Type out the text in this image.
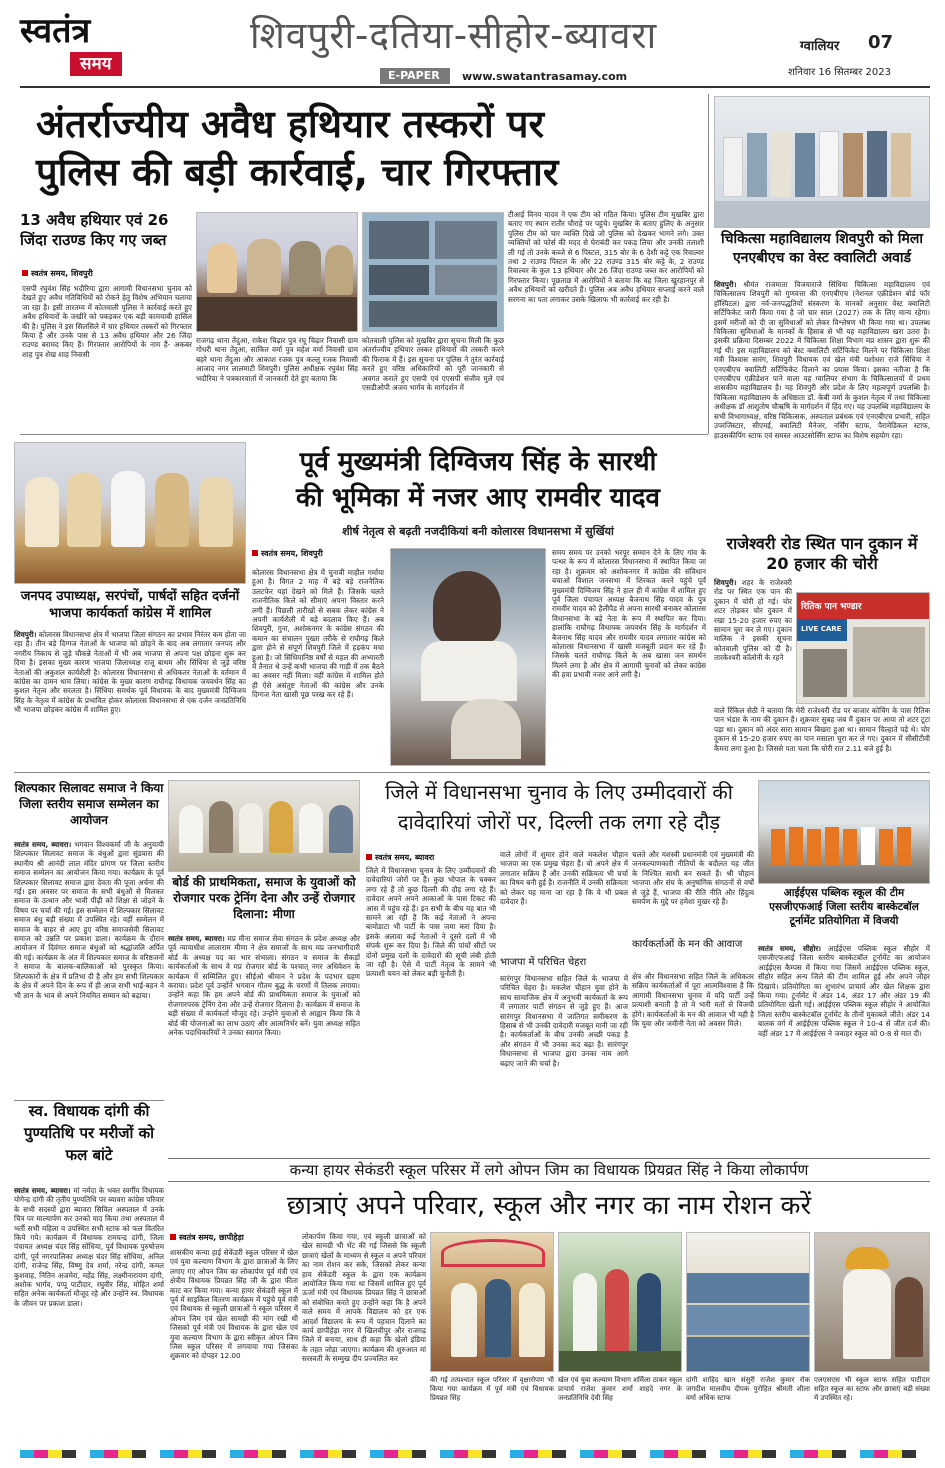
स्वतंत्र
समय
शिवपुरी-दतिया-सीहोर-ब्यावरा
E-PAPER www.swatantrasamay.com
ग्वालियर 07
शनिवार 16 सितम्बर 2023
अंतर्राज्यीय अवैध हथियार तस्करों पर
पुलिस की बड़ी कार्रवाई, चार गिरफ्तार
13 अवैध हथियार एवं 26 जिंदा राउण्ड किए गए जब्त
स्वतंत्र समय, शिवपुरी
एसपी रघुवंश सिंह भदौरिया द्वारा आगामी विधानसभा चुनाव को देखते हुए अवैध गतिविधियों को रोकने हेतु विशेष अभियान चलाया जा रहा है। इसी तारतम्य में कोतवाली पुलिस ने कार्रवाई करते हुए अवैध हथियारों के जखीरे को पकड़कर एक बड़ी कामयाबी हासिल की है। पुलिस ने इस सिलसिले में चार हथियार तस्करों को गिरफ्तार किया है और उनके पास से 13 अवैध हथियार और 26 जिंदा राउण्ड बरामद किए हैं। गिरफ्तार आरोपियों के नाम हैं- अकबर शाह पुत्र शेख शाह निवासी
राजगढ़ थाना तेंदुआ, राकेश चिढ़ार पुत्र रघू चिढ़ार निवासी ग्राम गोधरी थाना तेंदुआ, साकित वर्मा पुत्र महेश वर्मा निवासी ग्राम बहरे थाना तेंदुआ और आकाश रजक पुत्र कल्लू रजक निवासी आजाद नगर लालमाटी शिवपुरी। पुलिस अधीक्षक रघुवंश सिंह भदौरिया ने पत्रकारवार्ता में जानकारी देते हुए बताया कि
कोतवाली पुलिस को मुखबिर द्वारा सूचना मिली कि कुछ अंतर्राज्यीय हथियार तस्कर हथियारों की तस्करी करने की फिराक में हैं। इस सूचना पर पुलिस ने तुरंत कार्रवाई करते हुए वरिष्ठ अधिकारियों को पूरी जानकारी से अवगत कराते हुए एसपी एवं एएसपी संजीव मुले एवं एसडीओपी अजय भार्गव के मार्गदर्शन में
टीआई विनय यादव ने एक टीम को गठित किया। पुलिस टीम मुखबिर द्वारा बताए गए स्थान रातौर चौराहे पर पहुंचे। मुखबिर के बताए हुलिए के अनुसार पुलिस टीम को चार व्यक्ति दिखे जो पुलिस को देखकर भागने लगे। उक्त व्यक्तियों को फोर्स की मदद से घेराबंदी कर पकड़ लिया और उनकी तलाशी ली गई तो उनके कब्जे से 6 पिस्टल, 315 बोर के 6 देशी कट्टे एक रिवाल्वर तथा 2 राउण्ड पिस्टल के और 22 राउण्ड 315 बोर कट्टे के, 2 राउण्ड रिवाल्वर के कुल 13 हथियार और 26 जिंदा राउण्ड जब्त कर आरोपियों को गिरफ्तार किया। पूछताछ में आरोपियों ने बताया कि वह जिला खुरहानपुर से अवैध हथियारों को खरीदते हैं। पुलिस अब अवैध हथियार सप्लाई करने वाले सरगना का पता लगाकर उसके खिलाफ भी कार्रवाई कर रही है।
चिकित्सा महाविद्यालय शिवपुरी को मिला एनएबीएच का वेस्ट क्वालिटी अवार्ड
शिवपुरी। श्रीमंत राजमाता विजयाराजे सिंधिया चिकित्सा महाविद्यालय एवं चिकित्सालय शिवपुरी को गुणवत्ता की एनएबीएच (नेशनल एक्रीडेशन बोर्ड फॉर हॉस्पिटल) द्वारा नर्व-जनपद्धतियों संस्करण के मानकों अनुसार वेस्ट क्वालिटी सर्टिफिकेट जारी किया गया है जो चार साल (2027) तक के लिए मान्य रहेगा। इसमें मरीजों को दी जा सुविधाओं को लेकर विश्लेषण भी किया गया था। उपलब्ध चिकित्सा सुविधाओं के मानकों के हिसाब से भी यह महाविद्यालय खरा उतरा है। इसकी प्रक्रिया दिसम्बर 2022 में चिकित्सा शिक्षा विभाग मप्र शासन द्वारा शुरू की गई थी। इस महाविद्यालय को बेस्ट क्वालिटी सर्टिफिकेट मिलने पर चिकित्सा शिक्षा मंत्री विश्वास सारंग, शिवपुरी विधायक एवं खेल मंत्री यशोधरा राजे सिंधिया ने एनएबीएच क्वालिटी सर्टिफिकेट दिलाने का प्रयास किया। इसका नतीजा है कि एनएबीएच एक्रीडेशन पाने वाला यह ग्वालियर संभाग के चिकित्सालयों में प्रथम शासकीय महाविद्यालय है। यह शिवपुरी और प्रदेश के लिए महत्वपूर्ण उपलब्धि है। चिकित्सा महाविद्यालय के अधिष्ठाता डॉ. केबी वर्मा के कुशल नेतृत्व में तथा चिकित्सा अधीक्षक डॉ आशुतोष चौऋषि के मार्गदर्शन में हिंद गए। यह उपलब्धि महाविद्यालय के सभी विभागाध्यक्ष, वरिष्ठ चिकित्सक, अस्पताल प्रबंधक एवं एनएबीएच प्रभारी, सहित उपरजिस्टार, सीएमई, क्वालिटी मैनेजर, नर्सिंग स्टाफ, पैरामेडिकल स्टाफ, हाउसकीपिंग स्टाफ एवं समस्त आउटसोर्सिंग स्टाफ का विशेष सहयोग रहा।
जनपद उपाध्यक्ष, सरपंचों, पार्षदों सहित दर्जनों भाजपा कार्यकर्ता कांग्रेस में शामिल
शिवपुरी। कोलारस विधानसभा क्षेत्र में भाजपा जिला संगठन का प्रभाव निरंतर कम होता जा रहा है। तीन बड़े दिग्गज नेताओं के भाजपा को छोड़ने के बाद अब लगातार जनपद और नगरीय निकाय से जुड़े चौकन्ने नेताओं में भी अब भाजपा से अपना पक्ष छोड़ना शुरू कर दिया है। इसका मुख्य कारण भाजपा जिलाध्यक्ष राजू बाथम और सिंधिया से जुड़े वरिष्ठ नेताओं की अकुशल कार्यशैली है। कोलारस विधानसभा से अधिकतर नेताओं के वर्तमान में कांग्रेस का दामन थाम लिया। कांग्रेस के मुख्य कारण राघौगढ़ विधायक जयवर्धन सिंह का कुशल नेतृत्व और सरलता है। सिंधिया समर्थक पूर्व विधायक के बाद मुख्यमंत्री दिग्विजय सिंह के नेतृत्व में कांग्रेस के प्रभावित होकर कोलारस विधानसभा से एक दर्जन जनप्रतिनिधि भी भाजपा छोड़कर कांग्रेस में शामिल हुए।
पूर्व मुख्यमंत्री दिग्विजय सिंह के सारथी
की भूमिका में नजर आए रामवीर यादव
शीर्ष नेतृत्व से बढ़ती नजदीकियां बनी कोलारस विधानसभा में सुर्खियां
स्वतंत्र समय, शिवपुरी
कोलारस विधानसभा क्षेत्र में चुनावी माहौल गर्माया हुआ है। विगत 2 माह में बड़े बड़े राजनैतिक उलटफेर यहां देखने को मिले हैं। जिसके चलते राजनीतिक किले को सीमाएं अपना विस्तार करने लगी हैं। पिछली तारीखों से सबक लेकर कांग्रेस ने अपनी कार्यशैली में बड़े बदलाव किए हैं। अब शिवपुरी, गुना, अशोकनगर के कांग्रेस संगठन की कमान का संचालन पुख्ता तरीके से राघौगढ़ किले द्वारा होने से संपूर्ण शिवपुरी जिले में हड़कंप मचा हुआ है। जो सिंधियानिष्ठ वर्षों से महल की अभ्यारती में तैनात थे उन्हें कभी भाजपा की गाड़ी में तक बैठने का अवसर नहीं मिला। वहीं कांग्रेस में शामिल होते ही ऐसे असंतुष्ट नेताओं की कांग्रेस और उनके दिग्गज नेता खासी पूछ परख कर रहे हैं।
समय समय पर उनको भरपूर सम्मान देने के लिए गांव के पत्थर के रूप में कोलारस विधानसभा में स्थापित किया जा रहा है। शुक्रवार को अशोकनगर में कांग्रेस की संविधान बचाओ विशाल जनसभा में शिरकत करने पहुंचे पूर्व मुख्यमंत्री दिग्विजय सिंह ने हाल ही में कांग्रेस में शामिल हुए पूर्व जिला पंचायत अध्यक्ष बैजनाथ सिंह यादव के पुत्र रामवीर यादव को हैलीपैड से अपना सारथी बनाकर कोलारस विधानसभा के बड़े नेता के रूप में स्थापित कर दिया। हालांकि राघौगढ़ विधायक जयवर्धन सिंह के मार्गदर्शन में बैजनाथ सिंह यादव और रामवीर यादव लगातार कांग्रेस को कोलारस विधानसभा में खासी मजबूती प्रदान कर रहे हैं। जिसके चलते राघौगढ़ किले के अब खासा जन समर्थन मिलने लगा है और क्षेत्र में आगामी चुनावों को लेकर कांग्रेस की हवा प्रभावी नजर आने लगी है।
राजेश्वरी रोड स्थित पान दुकान में 20 हजार की चोरी
शिवपुरी। शहर के राजेश्वरी रोड पर स्थित एक पान की दुकान में चोरी हो गई। चोर शटर तोड़कर चोर दुकान में रखा 15-20 हजार रुपए का सामान चुरा कर ले गए। दुकान मालिक ने इसकी सूचना कोतवाली पुलिस को दी है। तारकेश्वरी कॉलोनी के रहने
रितिक पान भण्डार
LIVE CARE
वाले रिंकिल सेठी ने बताया कि मेरी राजेश्वरी रोड पर बाजार कोचिंग के पास रितिक पान भंडार के नाम की दुकान है। शुक्रवार सुबह जब मैं दुकान पर आया तो शटर टूटा पड़ा था। दुकान को अंदर सारा सामान बिखरा हुआ था। सामान चिल्हाते पड़े थे। चोर दुकान से 15-20 हजार रुपए का पान मसाला चुरा कर ले गए। दुकान में सीसीटीवी कैमरा लगा हुआ है। जिससे पता चला कि चोरी रात 2.11 बजे हुई है।
शिल्पकार सिलावट समाज ने किया जिला स्तरीय समाज सम्मेलन का आयोजन
स्वतंत्र समय, ब्यावरा। भगवान विश्वकर्मा जी के अनुयायी शिल्पकार सिलावट समाज के बंधुओं द्वारा सुंडवारा की स्थानीय श्री आनंदी लाल मंदिर प्रांगण पर जिला स्तरीय समाज सम्मेलन का आयोजन किया गया। कार्यक्रम के पूर्व शिल्पकार सिलावट समाज द्वारा देवता की पूजा अर्चना की गई। इस अवसर पर समाज के सभी बंधुओं से मिलकर समाज के उत्थान और भावी पीढ़ी को शिक्षा से जोड़ने के विषय पर चर्चा की गई। इस सम्मेलन में शिल्पकार सिलावट समाज बंधु बड़ी संख्या में उपस्थित रहे। वहीं सम्मेलन में समाज के बाहर से आए हुए वरिष्ठ समाजसेवी सिलावट समाज को उन्नति पर प्रकाश डाला। कार्यक्रम के दौरान आयोजन में दिवंगत समाज बंधुओं को श्रद्धांजलि अर्पित की गई। कार्यक्रम के अंत में शिल्पकार समाज के वरिष्ठजनों ने समाज के बालक-बालिकाओं को पुरस्कृत किया। शिल्पकारों के क्षेत्र में प्रतिभा दी है और हम सभी शिल्पकार के क्षेत्र में अपने दिन के रूप में ही आज सभी भाई-बहन ने भी ज्ञान के भाव से अपने नियमित सम्मान को बढ़ाया।
बोर्ड की प्राथमिकता, समाज के युवाओं को रोजगार परक ट्रेनिंग देना और उन्हें रोजगार दिलाना: मीणा
स्वतंत्र समय, ब्यावरा। मप्र मीना समाज सेवा संगठन के प्रदेश अध्यक्ष और पूर्व न्यायाधीश लालाराम मीणा ने क्षेत्र समाजों के साथ मप्र जनभागीदारी बोर्ड के अध्यक्ष पद का भार संभाला। संगठन व समाज के सैकड़ों कार्यकर्ताओं के साथ वे मप्र रोजगार बोर्ड के पश्चात् नगर अधिवेशन के कार्यक्रम में सम्मिलित हुए। सीईओ श्रीमान ने प्रदेश के पदभार ग्रहण कराया। प्रदेश पूर्व उन्होंने भगवान गौतम बुद्ध के चरणों में तिलक लगाया। उन्होंने कहा कि हम अपने बोर्ड की प्राथमिकता समाज के युवाओं को रोजगारपरक ट्रेनिंग देना और उन्हें रोजगार दिलाना है। कार्यक्रम में समाज के बड़ी संख्या में कार्यकर्ता मौजूद रहे। उन्होंने युवाओं से आह्वान किया कि वे बोर्ड की योजनाओं का लाभ उठाएं और आत्मनिर्भर बनें। युवा अध्यक्ष सहित अनेक पदाधिकारियों ने उनका स्वागत किया।
जिले में विधानसभा चुनाव के लिए उम्मीदवारों की
दावेदारियां जोरों पर, दिल्ली तक लगा रहे दौड़
स्वतंत्र समय, ब्यावरा
जिले में विधानसभा चुनाव के लिए उम्मीदवारों की दावेदारियां जोरों पर हैं। कुछ भोपाल के चक्कर लगा रहे हैं तो कुछ दिल्ली की दौड़ लगा रहे हैं। दावेदार अपने अपने आकाओं के पास टिकट की आस में पहुंच रहे हैं। इन सभी के बीच यह बात भी सामने आ रही है कि कई नेताओं ने अपना बायोडाटा भी पार्टी के पास जमा करा दिया है। इसके अलावा कई नेताओं ने दूसरे दलों में भी संपर्क शुरू कर दिया है। जिले की पांचों सीटों पर दोनों प्रमुख दलों के दावेदारों की सूची लंबी होती जा रही है। ऐसे में पार्टी नेतृत्व के सामने भी प्रत्याशी चयन को लेकर बड़ी चुनौती है।
वाले लोगों में शुमार होने वाले मकलेश चौहान भाजपा का एक प्रमुख चेहरा हैं। वो अपने क्षेत्र में लगातार सक्रिय हैं और उनकी सक्रियता भी चर्चा का विषय बनी हुई है। राजनीति में उनकी सक्रियता को लेकर यह माना जा रहा है कि वे भी प्रबल दावेदार हैं।
भाजपा में परिचित चेहरा
सारंगपुर विधानसभा सहित जिले के भाजपा में परिचित चेहरा है। मकलेश चौहान युवा होने के साथ सामाजिक क्षेत्र में अनुभवी कार्यकर्ता के रूप में लगातार पार्टी संगठन से जुड़े हुए हैं। आज सारंगपुर विधानसभा में जातिगत समीकरण के हिसाब से भी उनकी दावेदारी मजबूत मानी जा रही है। कार्यकर्ताओं के बीच उनकी अच्छी पकड़ है और संगठन में भी उनका कद बढ़ा है। सारंगपुर विधानसभा से भाजपा द्वारा उनका नाम आगे बढ़ाए जाने की चर्चा है।
चलते और यशस्वी प्रधानमंत्री एवं मुख्यमंत्री की जनकल्याणकारी नीतियों के बदौलत यह जीत के निश्चित साथी बन सकते हैं। श्री चौहान भाजपा और संघ के अनुषांगिक संगठनों से वर्षों से जुड़े हैं, भाजपा की रीति नीति और हिंदुत्व समर्पण के मुद्दे पर हमेशा मुखर रहे हैं।
कार्यकर्ताओं के मन की आवाज
क्षेत्र और विधानसभा सहित जिले के अधिकतर सक्रिय कार्यकर्ताओं में पूरा आत्मविश्वास है कि आगामी विधानसभा चुनाव में यदि पार्टी उन्हें प्रत्याशी बनाती है तो वे भारी मतों से विजयी होंगे। कार्यकर्ताओं के मन की आवाज भी यही है कि युवा और जमीनी नेता को अवसर मिले।
आईईएस पब्लिक स्कूल की टीम एसजीएफआई जिला स्तरीय बास्केटबॉल टूर्नामेंट प्रतियोगिता में विजयी
स्वतंत्र समय, सीहोर। आईईएस पब्लिक स्कूल सीहोर में एसजीएफआई जिला स्तरीय बास्केटबॉल टूर्नामेंट का आयोजन आईईएस कैम्पस में किया गया जिसमें आईईएस पब्लिक स्कूल, सीहोर सहित अन्य जिले की टीम शामिल हुई और अपने जौहर दिखाये। प्रतियोगिता का शुभारंभ प्राचार्य और खेल शिक्षक द्वारा किया गया। टूर्नामेंट में अंडर 14, अंडर 17 और अंडर 19 की प्रतियोगिता खेली गई। आईईएस पब्लिक स्कूल सीहोर ने आयोजित जिला स्तरीय बास्केटबॉल टूर्नामेंट के तीनों मुकाबले जीते। अंडर 14 बालक वर्ग में आईईएस पब्लिक स्कूल ने 10-4 से जीत दर्ज की। वहीं अंडर 17 में आईईएस ने जवाहर स्कूल को 0-8 से मात दी।
स्व. विधायक दांगी की पुण्यतिथि पर मरीजों को फल बांटे
स्वतंत्र समय, ब्यावरा। मां नर्मदा के भक्त स्वर्गीय विधायक योगेन्द्र दांगी की तृतीय पुण्यतिथि पर ब्यावरा कांग्रेस परिवार के सभी सदस्यों द्वारा ब्यावरा सिविल अस्पताल में उनके चित्र पर माल्यार्पण कर उनको याद किया तथा अस्पताल में भर्ती सभी महिला व उपस्थित सभी स्टाफ को फल वितरित किये गये। कार्यक्रम में विधायक रामचन्द्र दांगी, जिला पंचायत अध्यक्ष चंदर सिंह सोंधिया, पूर्व विधायक पुरुषोत्तम दांगी, पूर्व नगरपालिका अध्यक्ष चंदर सिंह सोंधिया, अनिल दांगी, राजेन्द्र सिंह, विष्णु देव शर्मा, नरेन्द्र दांगी, कमल कुशवाह, नितिन अजमेरा, महेंद्र सिंह, लक्ष्मीनारायण दांगी, अशोक भार्गव, पप्पू पाटीदार, रघुवीर सिंह, मोहित शर्मा सहित अनेक कार्यकर्ता मौजूद रहे और उन्होंने स्व. विधायक के जीवन पर प्रकाश डाला।
कन्या हायर सेकंडरी स्कूल परिसर में लगे ओपन जिम का विधायक प्रियव्रत सिंह ने किया लोकार्पण
छात्राएं अपने परिवार, स्कूल और नगर का नाम रोशन करें
स्वतंत्र समय, छापीहेड़ा
शासकीय कन्या हाई सेकेंडरी स्कूल परिसर में खेल एवं युवा कल्याण विभाग के द्वारा छात्राओं के लिए लगाए गए ओपन जिम का लोकार्पण पूर्व मंत्री एवं क्षेत्रीय विधायक प्रियव्रत सिंह जी के द्वारा फीता काट कर किया गया। कन्या हायर सेकंडरी स्कूल में पूर्व में साइकिल वितरण कार्यक्रम में पहुंचे पूर्व मंत्री एवं विधायक से स्कूली छात्राओं ने स्कूल परिसर में ओपन जिम एवं खेल सामग्री की मांग रखी थी जिसको पूर्व मंत्री एवं विधायक के द्वारा खेल एवं युवा कल्याण विभाग के द्वारा स्वीकृत ओपन जिम जिस स्कूल परिसर में लगवाया गया जिसका शुक्रवार को दोपहर 12.00
लोकार्पण किया गया, एवं स्कूली छात्राओं को खेल सामग्री भी भेंट की गई जिससे कि स्कूली छात्राएं खेलों के माध्यम से स्कूल व अपने परिवार का नाम रोशन कर सके, जिसको लेकर कन्या हाय सेकेंडरी स्कूल के द्वारा एक कार्यक्रम आयोजित किया गया था जिसमें शामिल हुए पूर्व ऊर्जा मंत्री एवं विधायक प्रियव्रत सिंह ने छात्राओं को संबोधित करते हुए उन्होंने कहा कि है अपने वाले समय में आपके विद्यालय को हर एक आदर्श विद्यालय के रूप में पहचान दिलाने का कार्य छापीहेड़ा नगर में खिलचीपुर और राजगढ़ जिले में बनाया, साथ ही कहा कि खेलो इंडिया के तहत जोड़ा जाएगा। कार्यक्रम की शुरुआत मां सरस्वती के सम्मुख दीप प्रज्वलित कर
की गई तत्पश्चात स्कूल परिसर में वृक्षारोपण भी किया गया कार्यक्रम में पूर्व मंत्री एवं विधायक प्रियव्रत सिंह
खेल एवं युवा कल्याण विभाग शर्मिला ठाकर स्कूल प्राचार्य राजेश कुमार शर्मा शाहदे नगर के जनप्रतिनिधि देवी सिंह
दांगी शाहिद खान संसुरी राजेश कुमार रोक जगदीश मालवीय दीपक पुरोहित श्रीमती शीला वर्मा अधिक स्टाफ
एलएसएस भी स्कूल स्टाफ सहित पाटीदार सहित स्कूल का स्टाफ और छात्राएं बड़ी संख्या में उपस्थित रहे।
